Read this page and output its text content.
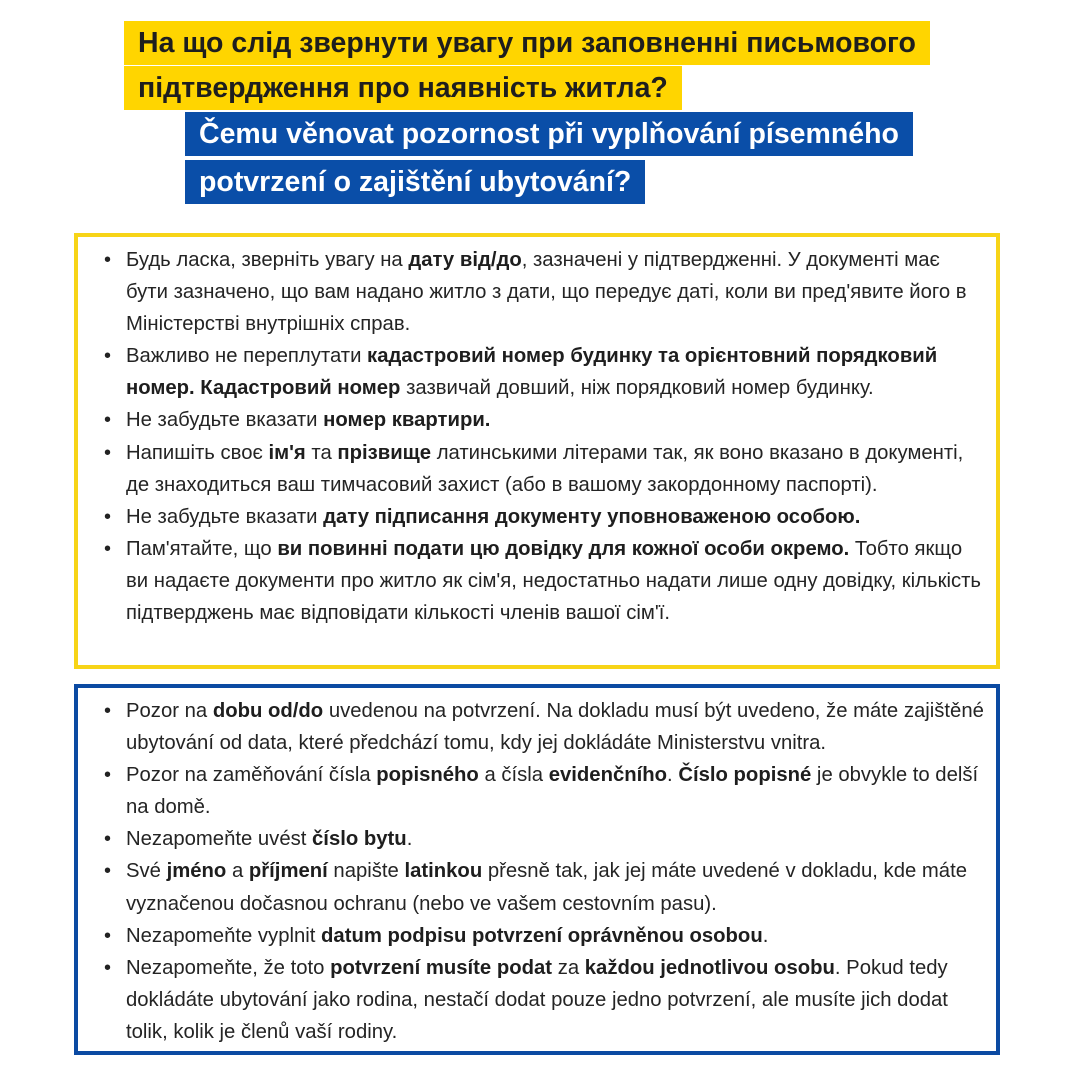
На що слід звернути увагу при заповненні письмового
підтвердження про наявність житла?
Čemu věnovat pozornost při vyplňování písemného
potvrzení o zajištění ubytování?
• Будь ласка, зверніть увагу на дату від/до, зазначені у підтвердженні. У документі має бути зазначено, що вам надано житло з дати, що передує даті, коли ви пред'явите його в Міністерстві внутрішніх справ.
• Важливо не переплутати кадастровий номер будинку та орієнтовний порядковий номер. Кадастровий номер зазвичай довший, ніж порядковий номер будинку.
• Не забудьте вказати номер квартири.
• Напишіть своє ім'я та прізвище латинськими літерами так, як воно вказано в документі, де знаходиться ваш тимчасовий захист (або в вашому закордонному паспорті).
• Не забудьте вказати дату підписання документу уповноваженою особою.
• Пам'ятайте, що ви повинні подати цю довідку для кожної особи окремо. Тобто якщо ви надаєте документи про житло як сім'я, недостатньо надати лише одну довідку, кількість підтверджень має відповідати кількості членів вашої сім'ї.
• Pozor na dobu od/do uvedenou na potvrzení. Na dokladu musí být uvedeno, že máte zajištěné ubytování od data, které předchází tomu, kdy jej dokládáte Ministerstvu vnitra.
• Pozor na zaměňování čísla popisného a čísla evidenčního. Číslo popisné je obvykle to delší na domě.
• Nezapomeňte uvést číslo bytu.
• Své jméno a příjmení napište latinkou přesně tak, jak jej máte uvedené v dokladu, kde máte vyznačenou dočasnou ochranu (nebo ve vašem cestovním pasu).
• Nezapomeňte vyplnit datum podpisu potvrzení oprávněnou osobou.
• Nezapomeňte, že toto potvrzení musíte podat za každou jednotlivou osobu. Pokud tedy dokládáte ubytování jako rodina, nestačí dodat pouze jedno potvrzení, ale musíte jich dodat tolik, kolik je členů vaší rodiny.
